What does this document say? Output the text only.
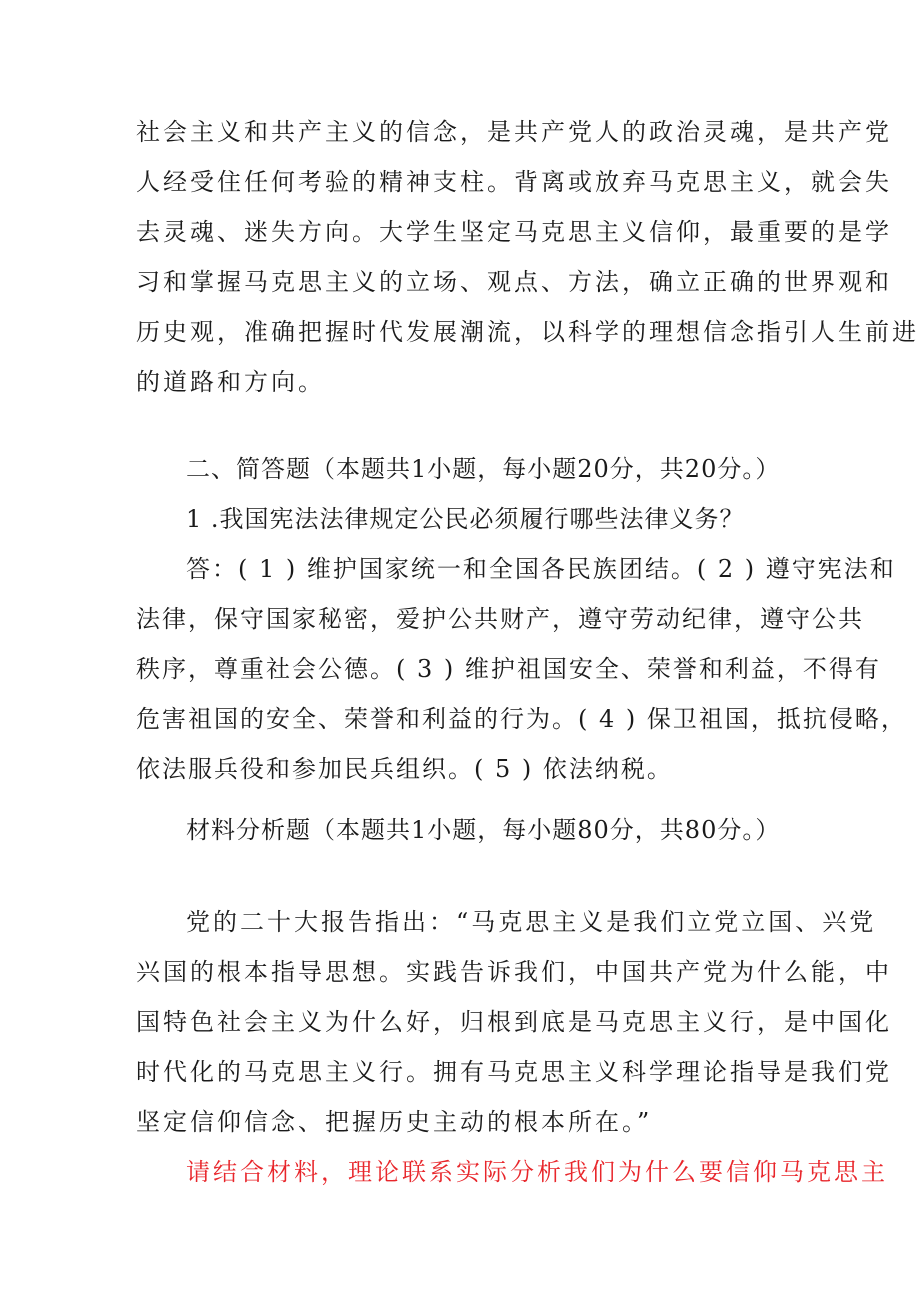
社会主义和共产主义的信念，是共产党人的政治灵魂，是共产党
人经受住任何考验的精神支柱。背离或放弃马克思主义，就会失
去灵魂、迷失方向。大学生坚定马克思主义信仰，最重要的是学
习和掌握马克思主义的立场、观点、方法，确立正确的世界观和
历史观，准确把握时代发展潮流，以科学的理想信念指引人生前进
的道路和方向。
二、简答题（本题共1小题，每小题20分，共20分。）
1 .我国宪法法律规定公民必须履行哪些法律义务？
答：( 1 ) 维护国家统一和全国各民族团结。( 2 ) 遵守宪法和
法律，保守国家秘密，爱护公共财产，遵守劳动纪律，遵守公共
秩序，尊重社会公德。( 3 ) 维护祖国安全、荣誉和利益，不得有
危害祖国的安全、荣誉和利益的行为。( 4 ) 保卫祖国，抵抗侵略，
依法服兵役和参加民兵组织。( 5 ) 依法纳税。
材料分析题（本题共1小题，每小题80分，共80分。）
党的二十大报告指出：“马克思主义是我们立党立国、兴党
兴国的根本指导思想。实践告诉我们，中国共产党为什么能，中
国特色社会主义为什么好，归根到底是马克思主义行，是中国化
时代化的马克思主义行。拥有马克思主义科学理论指导是我们党
坚定信仰信念、把握历史主动的根本所在。”
请结合材料，理论联系实际分析我们为什么要信仰马克思主
